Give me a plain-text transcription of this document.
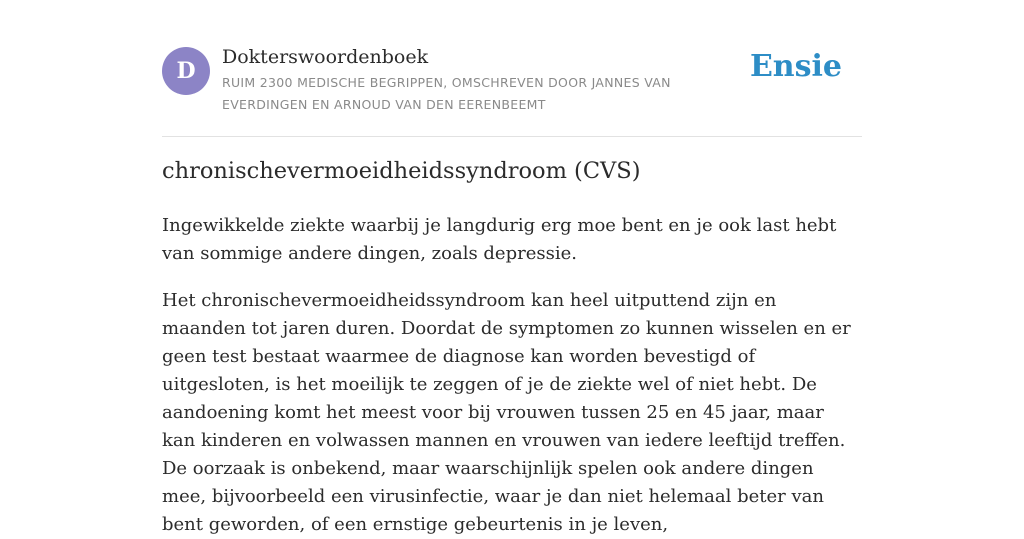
D
Dokterswoordenboek
RUIM 2300 MEDISCHE BEGRIPPEN, OMSCHREVEN DOOR JANNES VAN EVERDINGEN EN ARNOUD VAN DEN EERENBEEMT
Ensie
chronischevermoeidheidssyndroom (CVS)

Ingewikkelde ziekte waarbij je langdurig erg moe bent en je ook last hebt van sommige andere dingen, zoals depressie.

Het chronischevermoeidheidssyndroom kan heel uitputtend zijn en maanden tot jaren duren. Doordat de symptomen zo kunnen wisselen en er geen test bestaat waarmee de diagnose kan worden bevestigd of uitgesloten, is het moeilijk te zeggen of je de ziekte wel of niet hebt. De aandoening komt het meest voor bij vrouwen tussen 25 en 45 jaar, maar kan kinderen en volwassen mannen en vrouwen van iedere leeftijd treffen. De oorzaak is onbekend, maar waarschijnlijk spelen ook andere dingen mee, bijvoorbeeld een virusinfectie, waar je dan niet helemaal beter van bent geworden, of een ernstige gebeurtenis in je leven,
